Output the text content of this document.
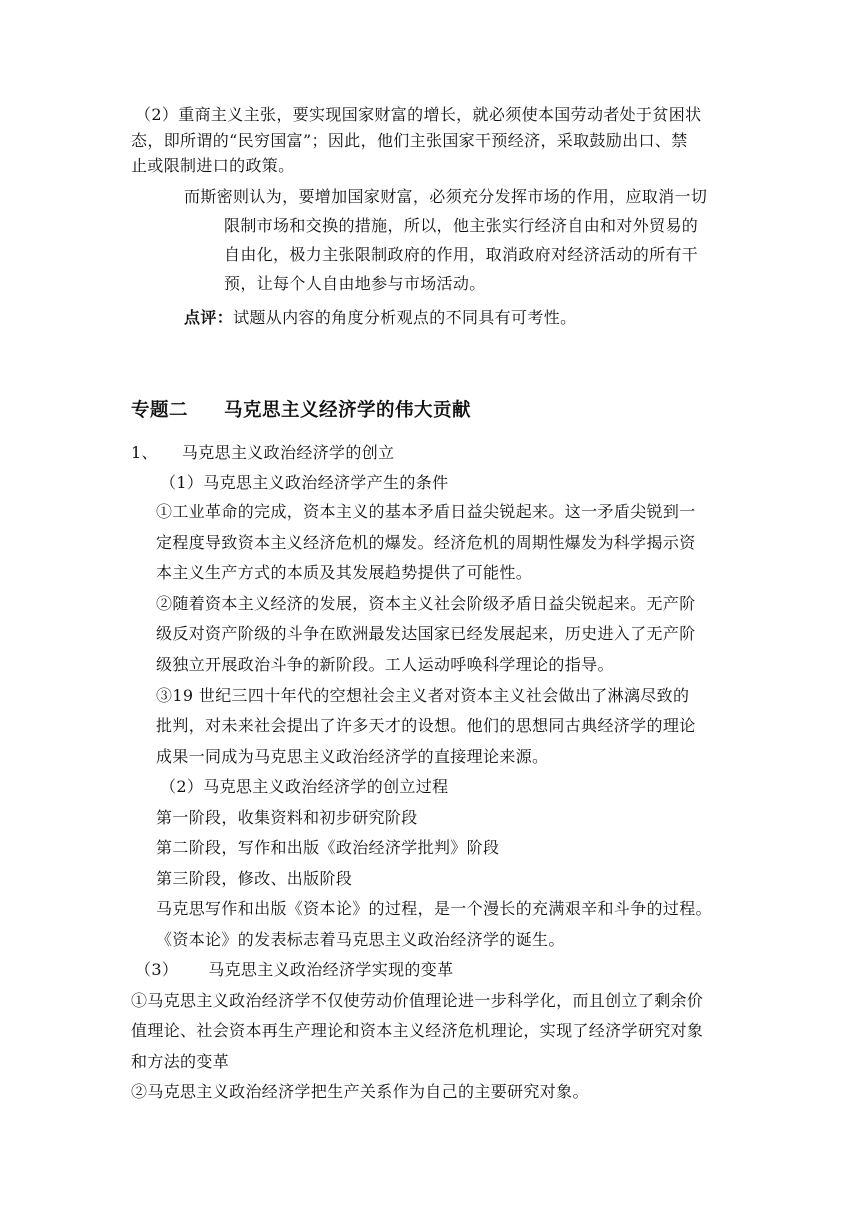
（2）重商主义主张，要实现国家财富的增长，就必须使本国劳动者处于贫困状
态，即所谓的“民穷国富”；因此，他们主张国家干预经济，采取鼓励出口、禁
止或限制进口的政策。
而斯密则认为，要增加国家财富，必须充分发挥市场的作用，应取消一切
限制市场和交换的措施，所以，他主张实行经济自由和对外贸易的
自由化，极力主张限制政府的作用，取消政府对经济活动的所有干
预，让每个人自由地参与市场活动。
点评：试题从内容的角度分析观点的不同具有可考性。
专题二 马克思主义经济学的伟大贡献
1、 马克思主义政治经济学的创立
（1）马克思主义政治经济学产生的条件
①工业革命的完成，资本主义的基本矛盾日益尖锐起来。这一矛盾尖锐到一
定程度导致资本主义经济危机的爆发。经济危机的周期性爆发为科学揭示资
本主义生产方式的本质及其发展趋势提供了可能性。
②随着资本主义经济的发展，资本主义社会阶级矛盾日益尖锐起来。无产阶
级反对资产阶级的斗争在欧洲最发达国家已经发展起来，历史进入了无产阶
级独立开展政治斗争的新阶段。工人运动呼唤科学理论的指导。
③19 世纪三四十年代的空想社会主义者对资本主义社会做出了淋漓尽致的
批判，对未来社会提出了许多天才的设想。他们的思想同古典经济学的理论
成果一同成为马克思主义政治经济学的直接理论来源。
（2）马克思主义政治经济学的创立过程
第一阶段，收集资料和初步研究阶段
第二阶段，写作和出版《政治经济学批判》阶段
第三阶段，修改、出版阶段
马克思写作和出版《资本论》的过程，是一个漫长的充满艰辛和斗争的过程。
《资本论》的发表标志着马克思主义政治经济学的诞生。
（3） 马克思主义政治经济学实现的变革
①马克思主义政治经济学不仅使劳动价值理论进一步科学化，而且创立了剩余价
值理论、社会资本再生产理论和资本主义经济危机理论，实现了经济学研究对象
和方法的变革
②马克思主义政治经济学把生产关系作为自己的主要研究对象。
